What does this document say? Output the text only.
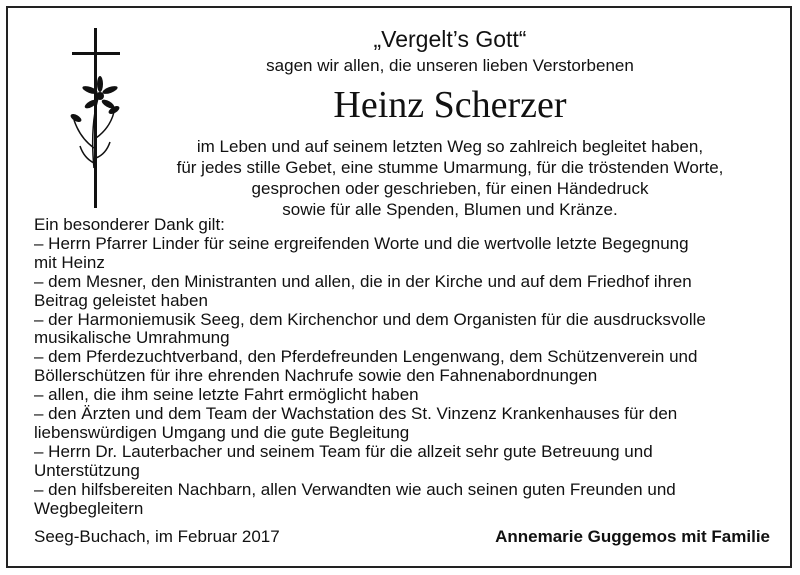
„Vergelt’s Gott“
sagen wir allen, die unseren lieben Verstorbenen
Heinz Scherzer
im Leben und auf seinem letzten Weg so zahlreich begleitet haben,
für jedes stille Gebet, eine stumme Umarmung, für die tröstenden Worte,
gesprochen oder geschrieben, für einen Händedruck
sowie für alle Spenden, Blumen und Kränze.
Ein besonderer Dank gilt:
– Herrn Pfarrer Linder für seine ergreifenden Worte und die wertvolle letzte Begegnung
mit Heinz
– dem Mesner, den Ministranten und allen, die in der Kirche und auf dem Friedhof ihren
Beitrag geleistet haben
– der Harmoniemusik Seeg, dem Kirchenchor und dem Organisten für die ausdrucksvolle
musikalische Umrahmung
– dem Pferdezuchtverband, den Pferdefreunden Lengenwang, dem Schützenverein und
Böllerschützen für ihre ehrenden Nachrufe sowie den Fahnenabordnungen
– allen, die ihm seine letzte Fahrt ermöglicht haben
– den Ärzten und dem Team der Wachstation des St. Vinzenz Krankenhauses für den
liebenswürdigen Umgang und die gute Begleitung
– Herrn Dr. Lauterbacher und seinem Team für die allzeit sehr gute Betreuung und
Unterstützung
– den hilfsbereiten Nachbarn, allen Verwandten wie auch seinen guten Freunden und
Wegbegleitern
Seeg-Buchach, im Februar 2017	Annemarie Guggemos mit Familie
